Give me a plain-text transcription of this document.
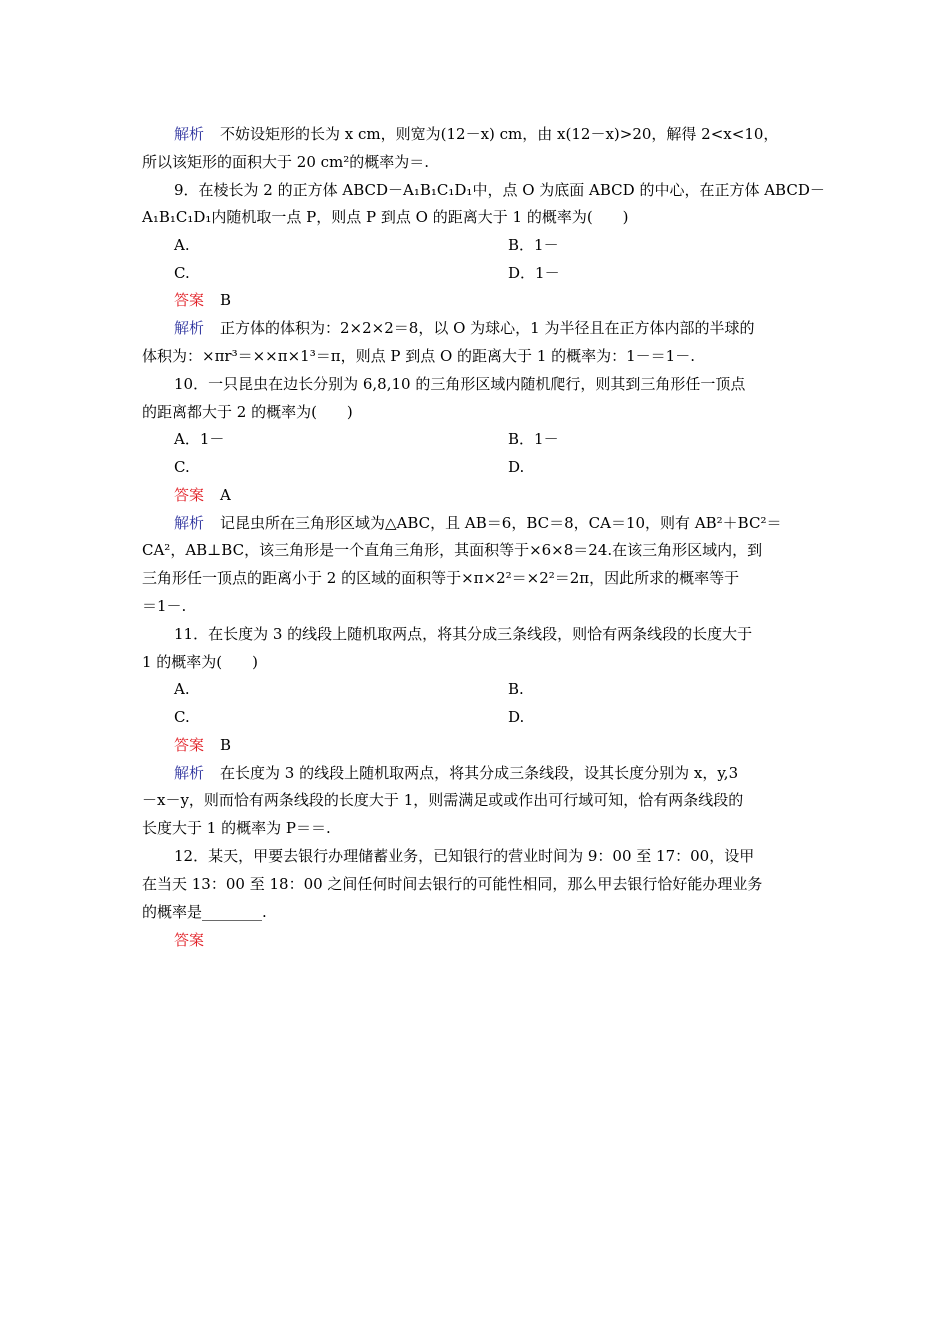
解析 不妨设矩形的长为 x cm，则宽为(12－x) cm，由 x(12－x)>20，解得 2<x<10，
所以该矩形的面积大于 20 cm²的概率为＝.
9．在棱长为 2 的正方体 ABCD－A₁B₁C₁D₁中，点 O 为底面 ABCD 的中心，在正方体 ABCD－
A₁B₁C₁D₁内随机取一点 P，则点 P 到点 O 的距离大于 1 的概率为(　　)
A.	B．1－
C.	D．1－
答案 B
解析 正方体的体积为：2×2×2＝8，以 O 为球心，1 为半径且在正方体内部的半球的
体积为：×πr³＝××π×1³＝π，则点 P 到点 O 的距离大于 1 的概率为：1－＝1－.
10．一只昆虫在边长分别为 6,8,10 的三角形区域内随机爬行，则其到三角形任一顶点
的距离都大于 2 的概率为(　　)
A．1－	B．1－
C.	D.
答案 A
解析 记昆虫所在三角形区域为△ABC，且 AB＝6，BC＝8，CA＝10，则有 AB²＋BC²＝
CA²，AB⊥BC，该三角形是一个直角三角形，其面积等于×6×8＝24.在该三角形区域内，到
三角形任一顶点的距离小于 2 的区域的面积等于×π×2²＝×2²＝2π，因此所求的概率等于
＝1－.
11．在长度为 3 的线段上随机取两点，将其分成三条线段，则恰有两条线段的长度大于
1 的概率为(　　)
A.	B.
C.	D.
答案 B
解析 在长度为 3 的线段上随机取两点，将其分成三条线段，设其长度分别为 x，y,3
－x－y，则而恰有两条线段的长度大于 1，则需满足或或作出可行域可知，恰有两条线段的
长度大于 1 的概率为 P＝＝.
12．某天，甲要去银行办理储蓄业务，已知银行的营业时间为 9：00 至 17：00，设甲
在当天 13：00 至 18：00 之间任何时间去银行的可能性相同，那么甲去银行恰好能办理业务
的概率是________.
答案
